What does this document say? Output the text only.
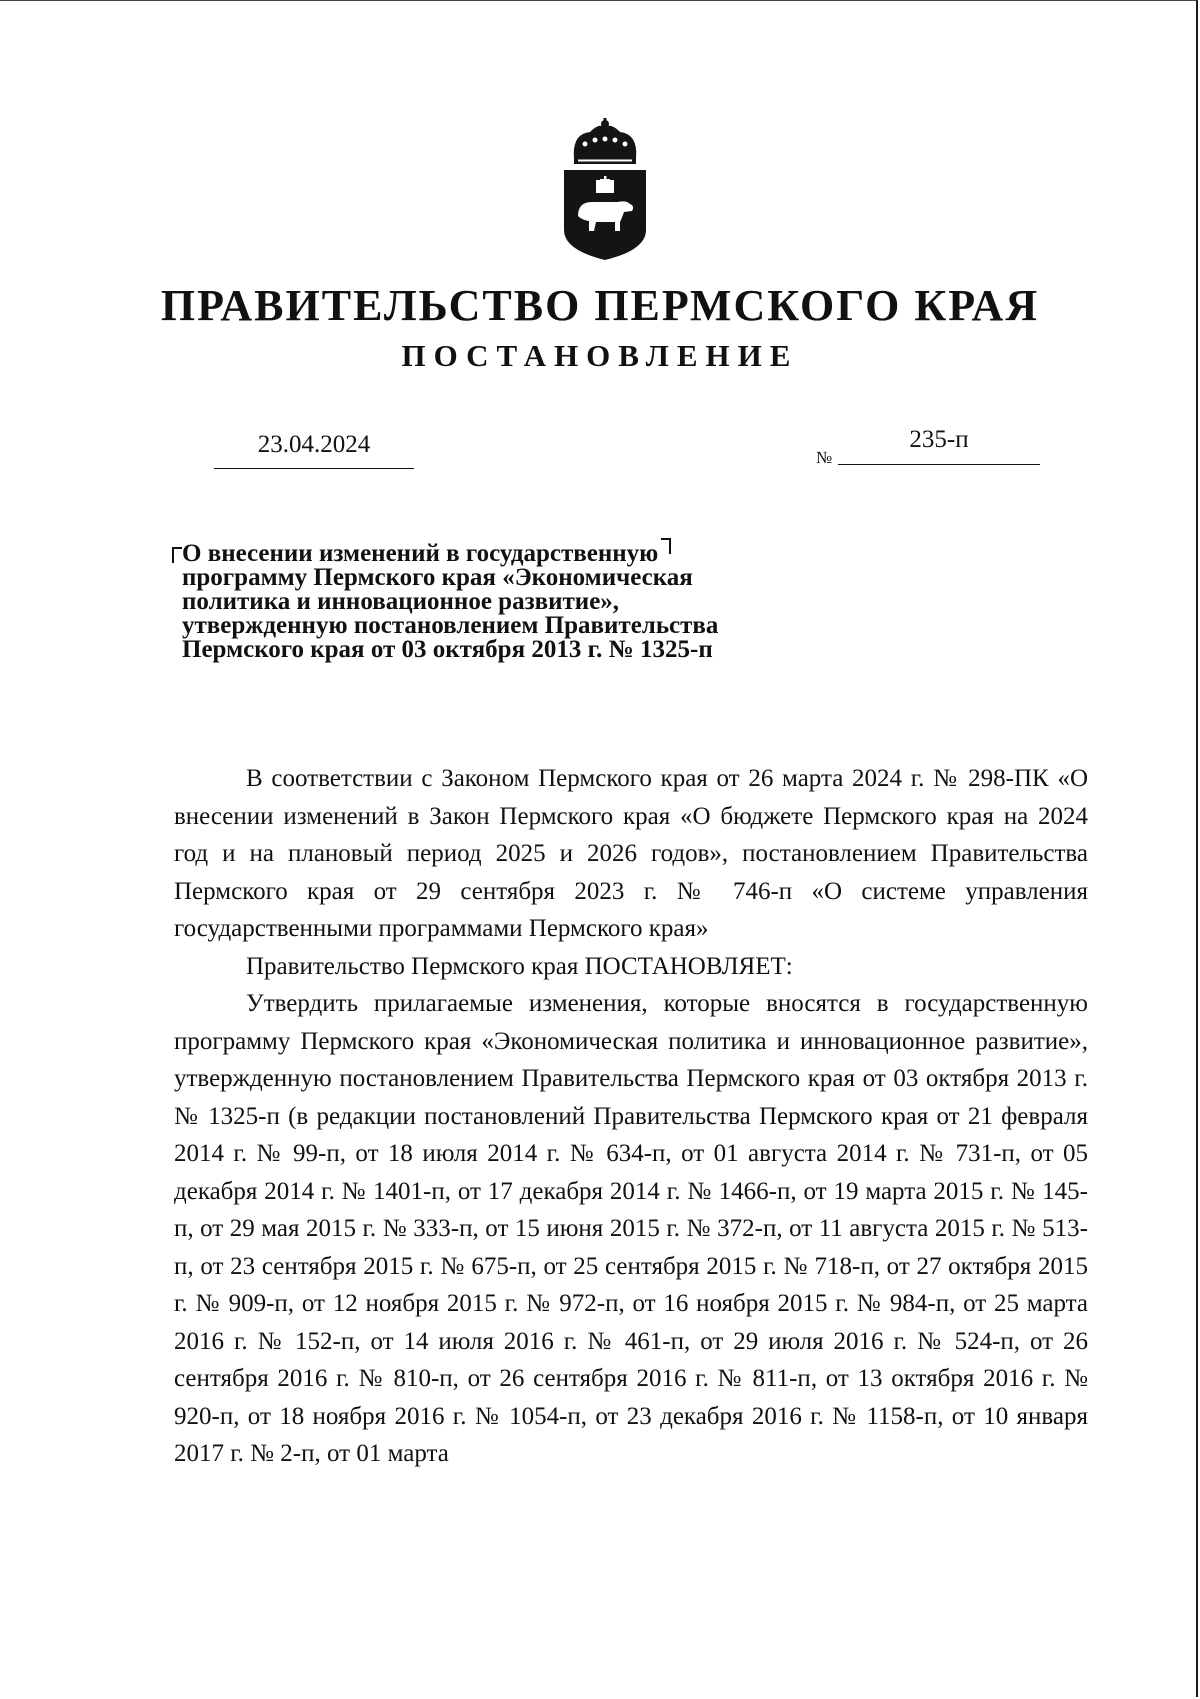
ПРАВИТЕЛЬСТВО ПЕРМСКОГО КРАЯ
ПОСТАНОВЛЕНИЕ
23.04.2024	№
235-п
О внесении изменений в государственную
программу Пермского края «Экономическая
политика и инновационное развитие»,
утвержденную постановлением Правительства
Пермского края от 03 октября 2013 г. № 1325-п

В соответствии с Законом Пермского края от 26 марта 2024 г. № 298-ПК «О внесении изменений в Закон Пермского края «О бюджете Пермского края на 2024 год и на плановый период 2025 и 2026 годов», постановлением Правительства Пермского края от 29 сентября 2023 г. № 746-п «О системе управления государственными программами Пермского края»

Правительство Пермского края ПОСТАНОВЛЯЕТ:

Утвердить прилагаемые изменения, которые вносятся в государственную программу Пермского края «Экономическая политика и инновационное развитие», утвержденную постановлением Правительства Пермского края от 03 октября 2013 г. № 1325-п (в редакции постановлений Правительства Пермского края от 21 февраля 2014 г. № 99-п, от 18 июля 2014 г. № 634-п, от 01 августа 2014 г. № 731-п, от 05 декабря 2014 г. № 1401-п, от 17 декабря 2014 г. № 1466-п, от 19 марта 2015 г. № 145-п, от 29 мая 2015 г. № 333-п, от 15 июня 2015 г. № 372-п, от 11 августа 2015 г. № 513-п, от 23 сентября 2015 г. № 675-п, от 25 сентября 2015 г. № 718-п, от 27 октября 2015 г. № 909-п, от 12 ноября 2015 г. № 972-п, от 16 ноября 2015 г. № 984-п, от 25 марта 2016 г. № 152-п, от 14 июля 2016 г. № 461-п, от 29 июля 2016 г. № 524-п, от 26 сентября 2016 г. № 810-п, от 26 сентября 2016 г. № 811-п, от 13 октября 2016 г. № 920-п, от 18 ноября 2016 г. № 1054-п, от 23 декабря 2016 г. № 1158-п, от 10 января 2017 г. № 2-п, от 01 марта
